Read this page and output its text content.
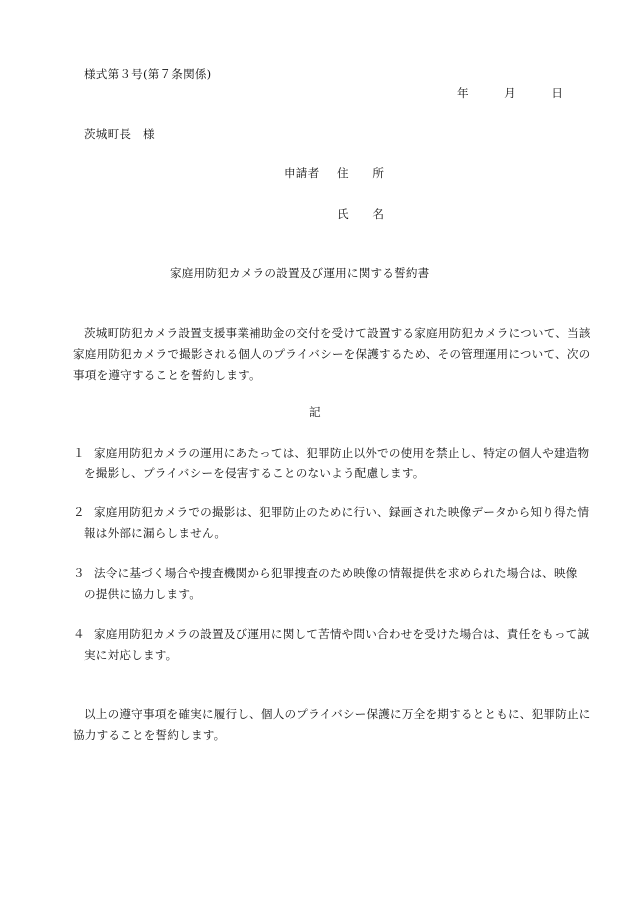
様式第３号(第７条関係)
年　　　月　　　日
茨城町長　様
申請者 住　　所
氏　　名
家庭用防犯カメラの設置及び運用に関する誓約書
茨城町防犯カメラ設置支援事業補助金の交付を受けて設置する家庭用防犯カメラについて、当該
家庭用防犯カメラで撮影される個人のプライバシーを保護するため、その管理運用について、次の
事項を遵守することを誓約します。
記
１ 家庭用防犯カメラの運用にあたっては、犯罪防止以外での使用を禁止し、特定の個人や建造物
を撮影し、プライバシーを侵害することのないよう配慮します。
２ 家庭用防犯カメラでの撮影は、犯罪防止のために行い、録画された映像データから知り得た情
報は外部に漏らしません。
３ 法令に基づく場合や捜査機関から犯罪捜査のため映像の情報提供を求められた場合は、映像
の提供に協力します。
４ 家庭用防犯カメラの設置及び運用に関して苦情や問い合わせを受けた場合は、責任をもって誠
実に対応します。
以上の遵守事項を確実に履行し、個人のプライバシー保護に万全を期するとともに、犯罪防止に
協力することを誓約します。
